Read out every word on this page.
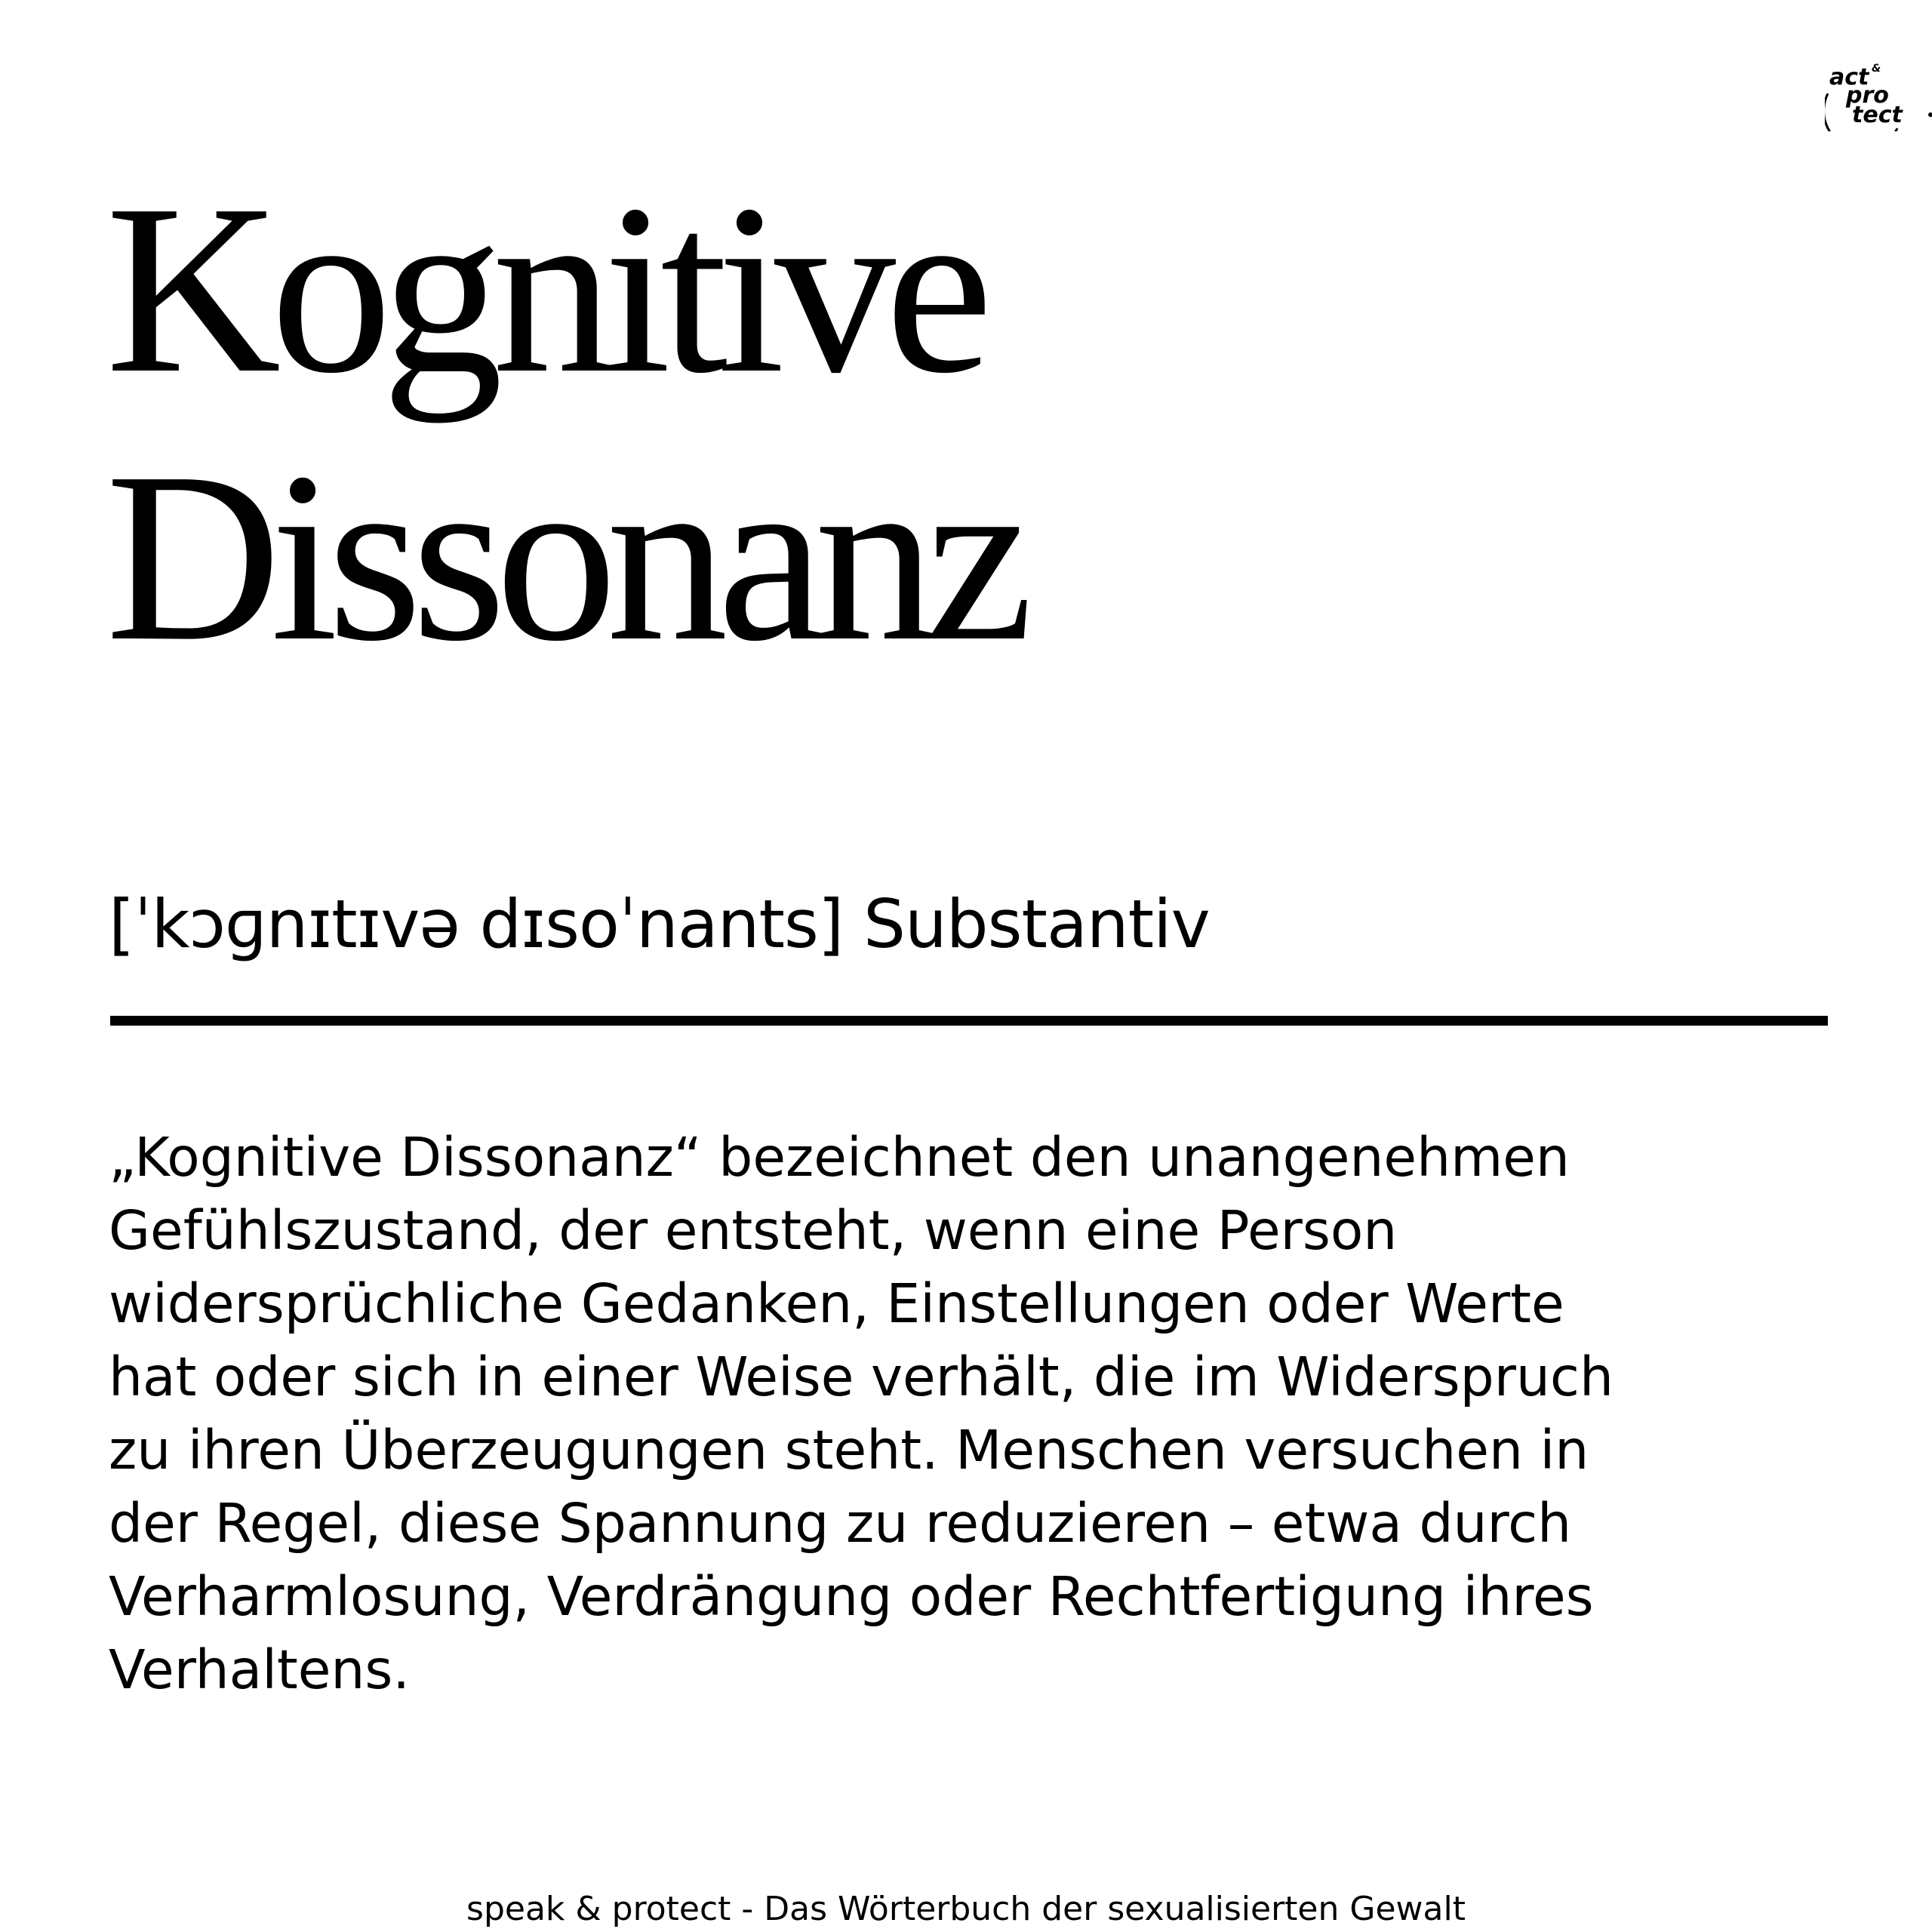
act &
pro
tect
Kognitive
Dissonanz
[ˈkɔɡnɪtɪvə dɪsoˈnants] Substantiv
„Kognitive Dissonanz“ bezeichnet den unangenehmen
Gefühlszustand, der entsteht, wenn eine Person
widersprüchliche Gedanken, Einstellungen oder Werte
hat oder sich in einer Weise verhält, die im Widerspruch
zu ihren Überzeugungen steht. Menschen versuchen in
der Regel, diese Spannung zu reduzieren – etwa durch
Verharmlosung, Verdrängung oder Rechtfertigung ihres
Verhaltens.
speak & protect - Das Wörterbuch der sexualisierten Gewalt
